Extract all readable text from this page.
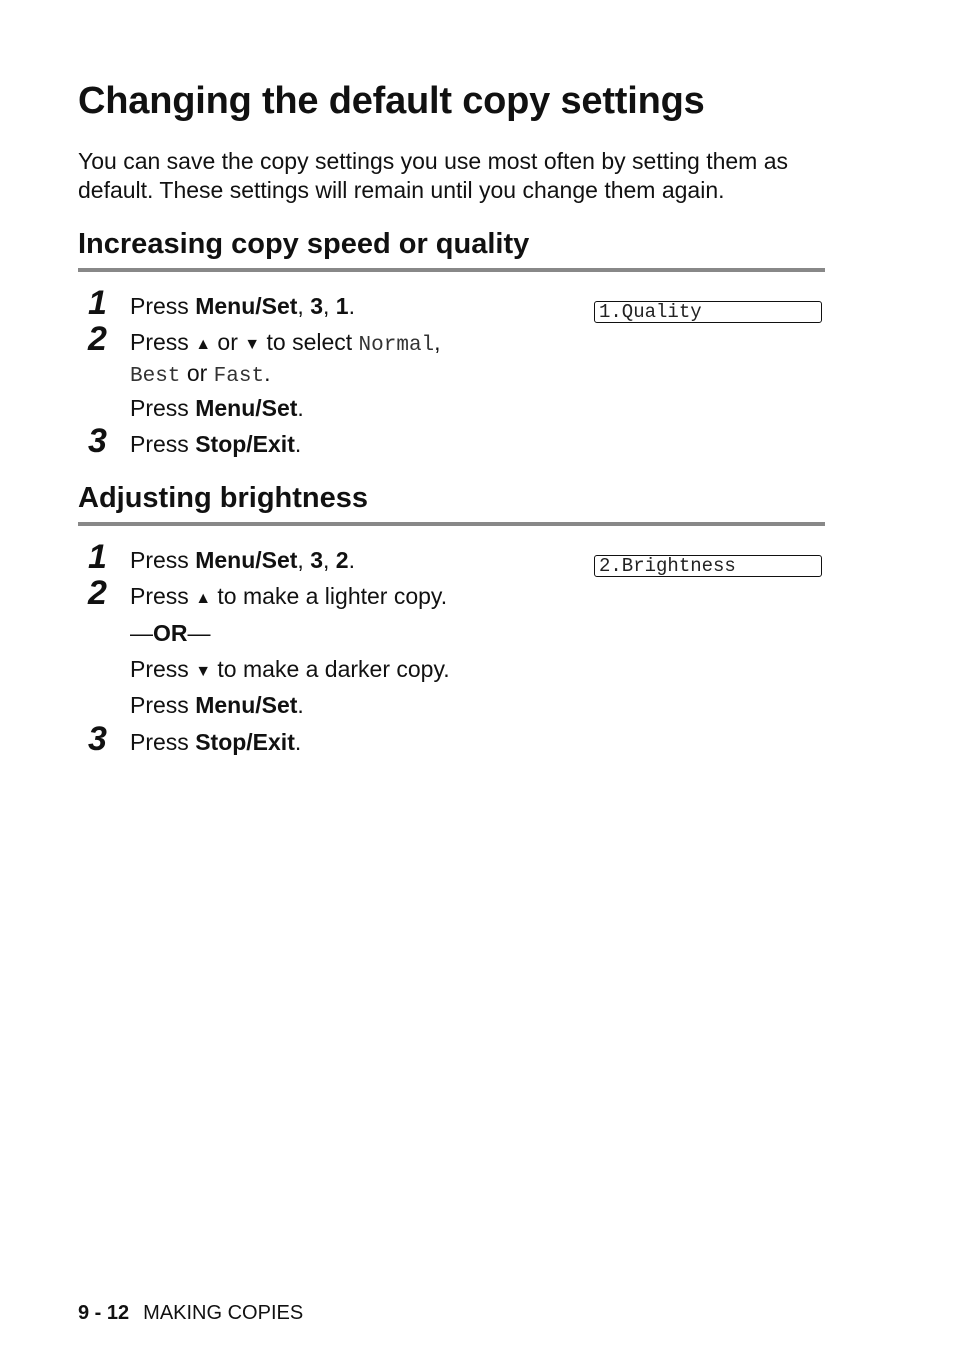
Changing the default copy settings

You can save the copy settings you use most often by setting them as default. These settings will remain until you change them again.

Increasing copy speed or quality
1.Quality
1 Press Menu/Set, 3, 1.
2 Press ▲ or ▼ to select Normal,
Best or Fast.
Press Menu/Set.
3 Press Stop/Exit.
Adjusting brightness
2.Brightness
1 Press Menu/Set, 3, 2.
2 Press ▲ to make a lighter copy.
—OR—
Press ▼ to make a darker copy.
Press Menu/Set.
3 Press Stop/Exit.
9 - 12 MAKING COPIES
